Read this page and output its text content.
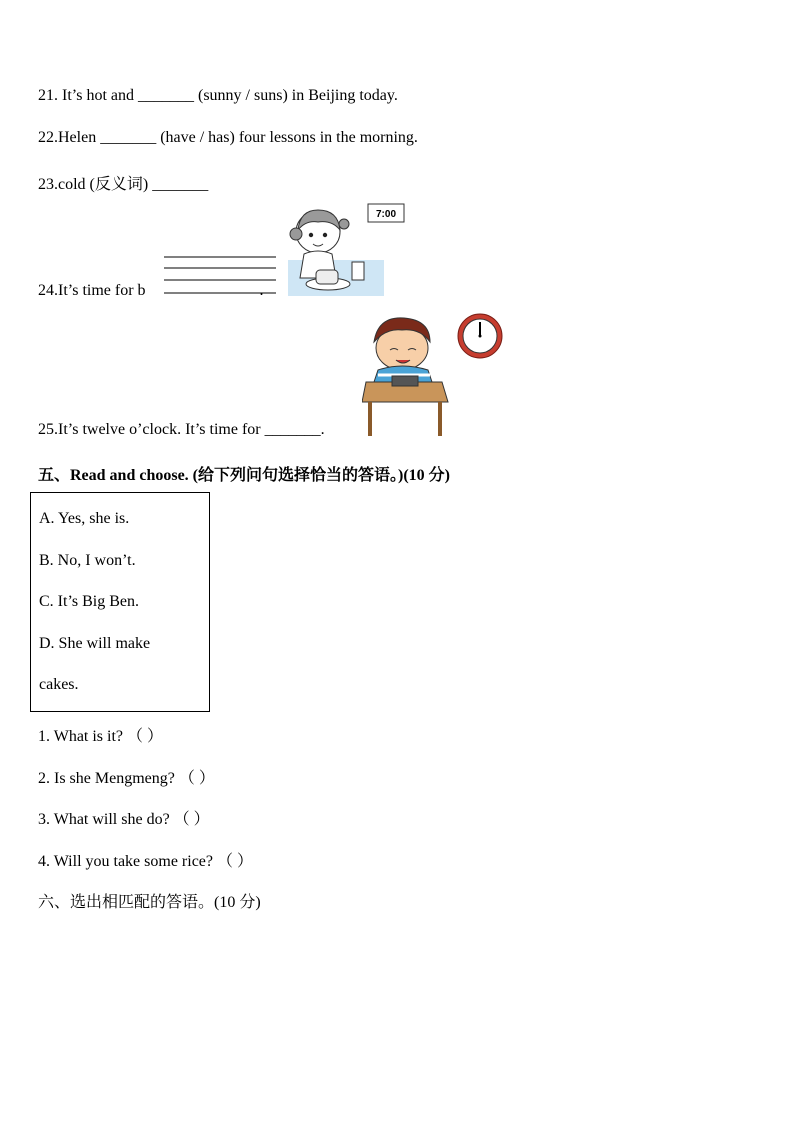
21. It’s hot and _______ (sunny / suns) in Beijing today.
22.Helen _______ (have / has) four lessons in the morning.
23.cold (反义词) _______
24.It’s time for b	.
7:00
25.It’s twelve o’clock. It’s time for _______.
五、Read and choose. (给下列问句选择恰当的答语。)(10 分)
A. Yes, she is.
B. No, I won’t.
C. It’s Big Ben.
D. She will make
cakes.
1. What is it? （ ）
2. Is she Mengmeng? （ ）
3. What will she do? （ ）
4. Will you take some rice? （ ）
六、选出相匹配的答语。(10 分)
